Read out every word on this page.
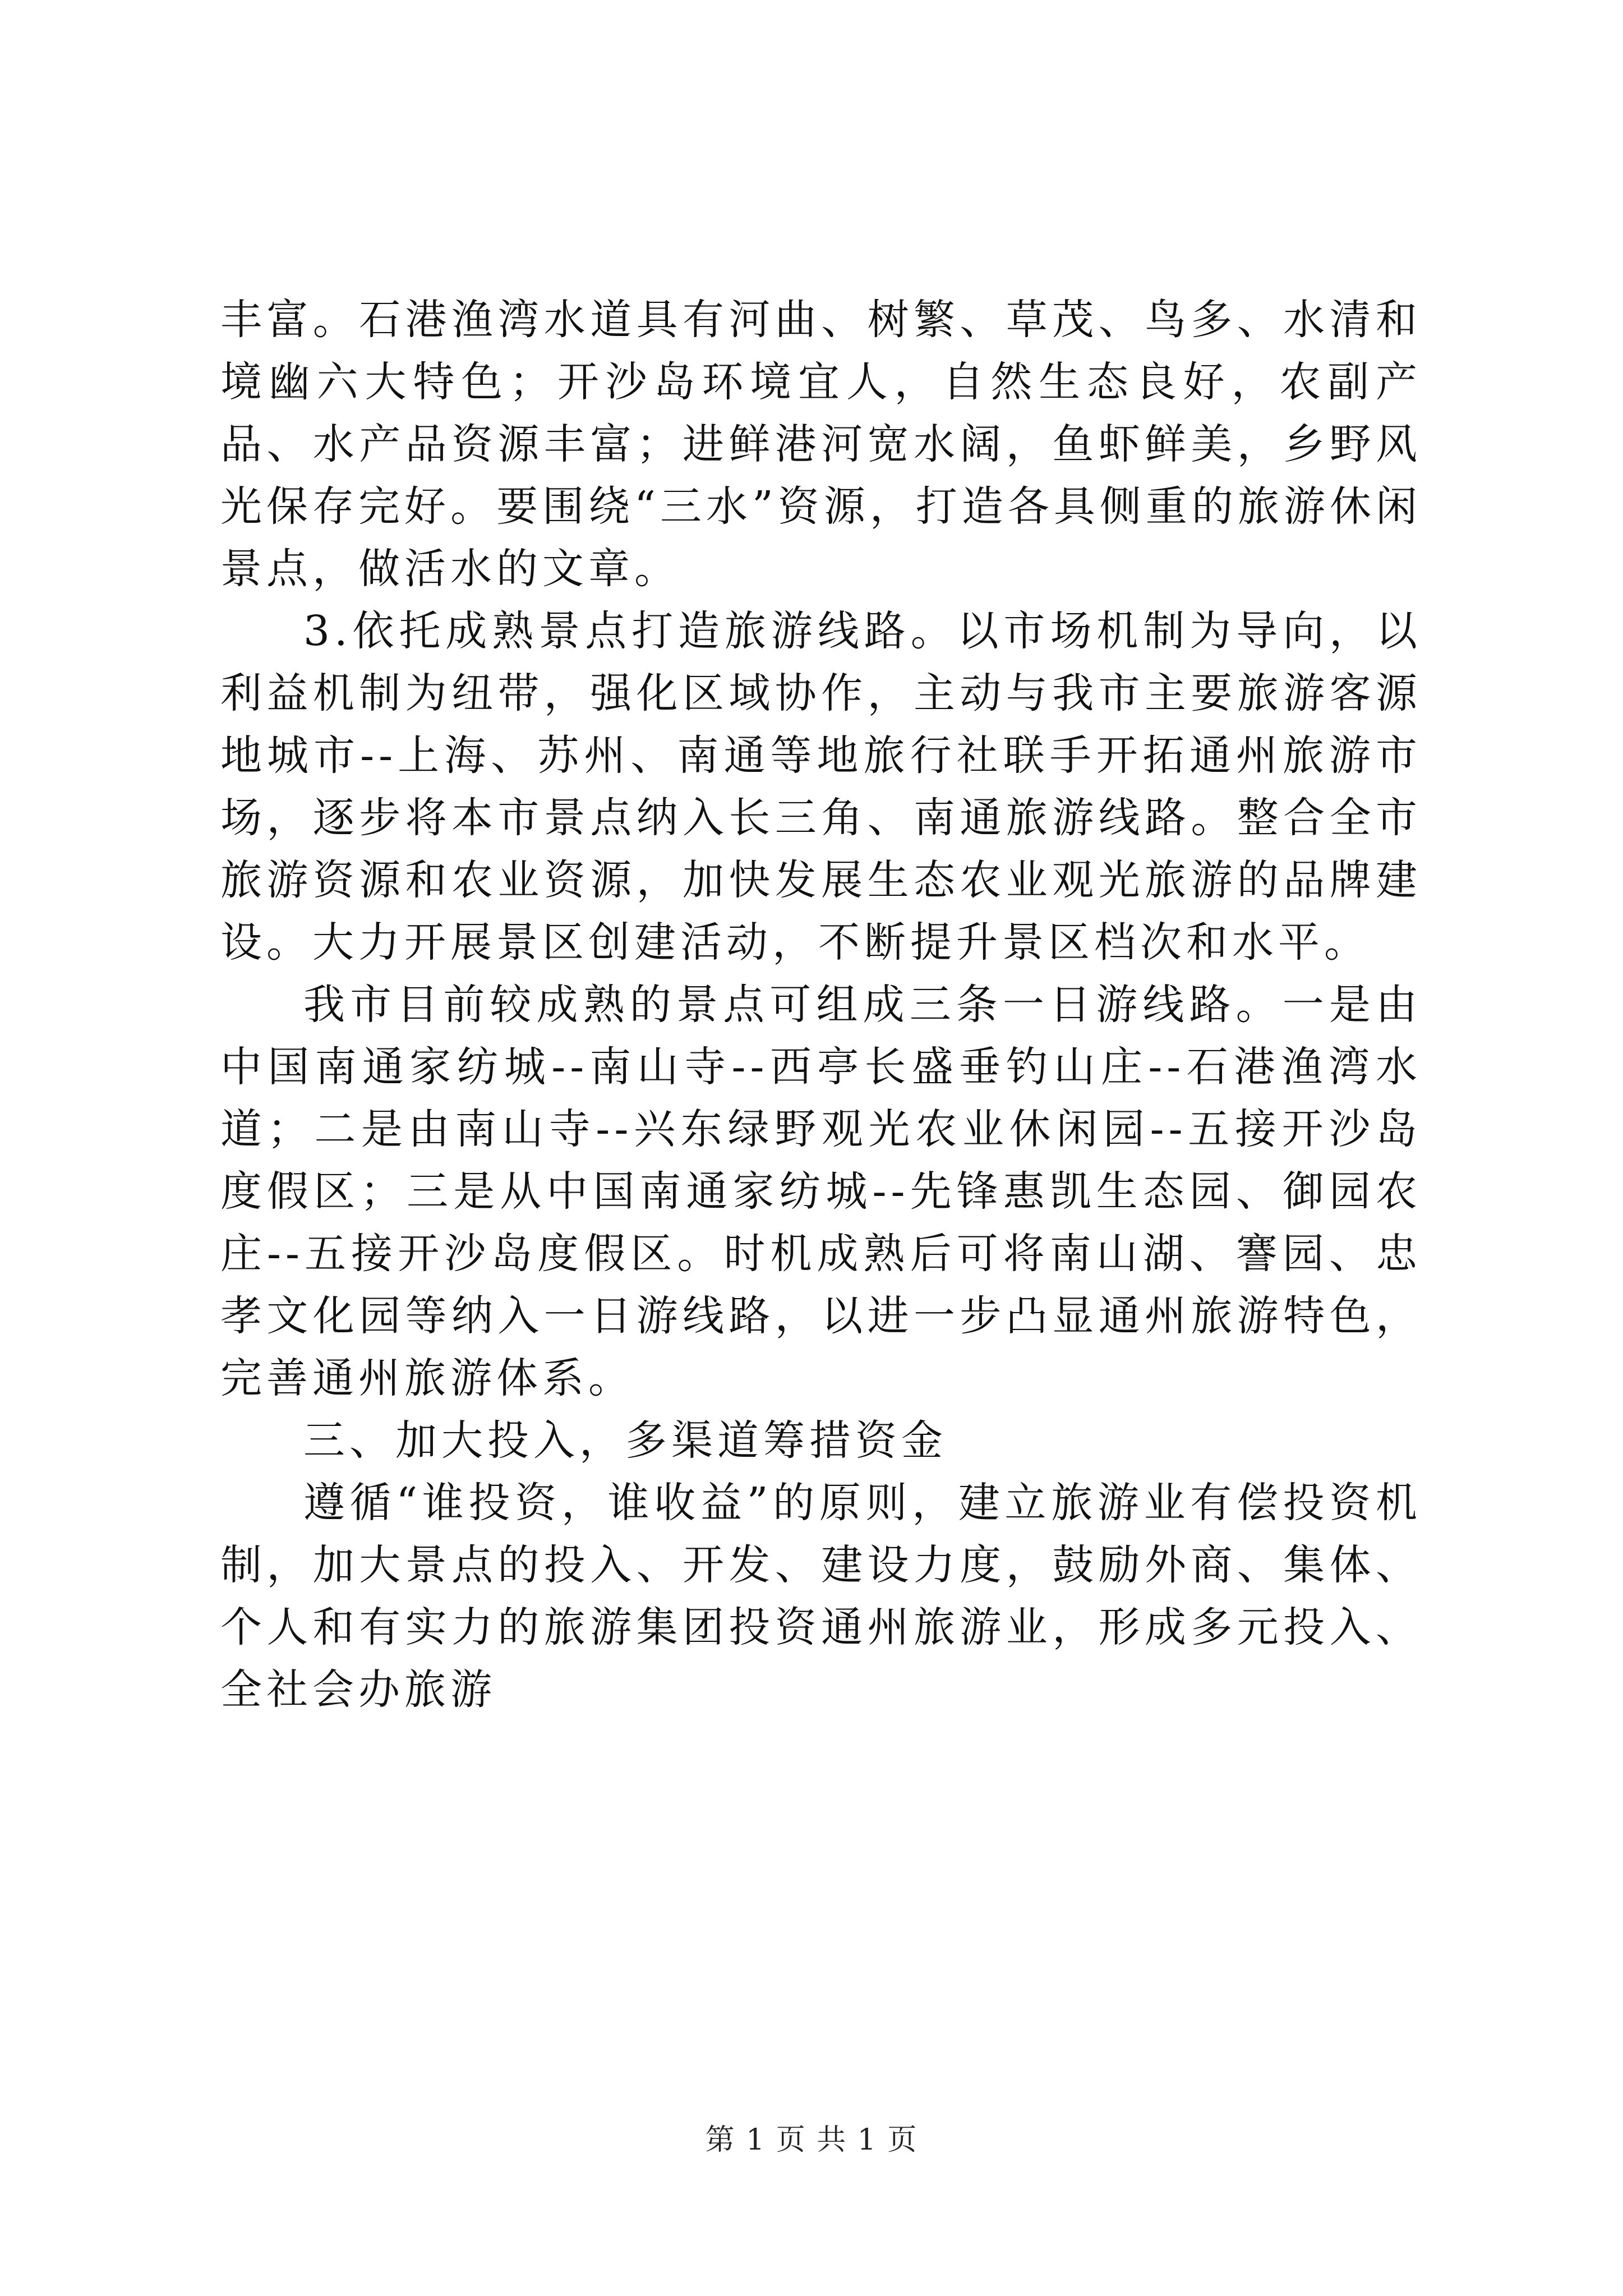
丰富。石港渔湾水道具有河曲、树繁、草茂、鸟多、水清和境幽六大特色；开沙岛环境宜人，自然生态良好，农副产品、水产品资源丰富；进鲜港河宽水阔，鱼虾鲜美，乡野风光保存完好。要围绕“三水”资源，打造各具侧重的旅游休闲景点，做活水的文章。

3.依托成熟景点打造旅游线路。以市场机制为导向，以利益机制为纽带，强化区域协作，主动与我市主要旅游客源地城市--上海、苏州、南通等地旅行社联手开拓通州旅游市场，逐步将本市景点纳入长三角、南通旅游线路。整合全市旅游资源和农业资源，加快发展生态农业观光旅游的品牌建设。大力开展景区创建活动，不断提升景区档次和水平。

我市目前较成熟的景点可组成三条一日游线路。一是由中国南通家纺城--南山寺--西亭长盛垂钓山庄--石港渔湾水道；二是由南山寺--兴东绿野观光农业休闲园--五接开沙岛度假区；三是从中国南通家纺城--先锋惠凯生态园、御园农庄--五接开沙岛度假区。时机成熟后可将南山湖、謇园、忠孝文化园等纳入一日游线路，以进一步凸显通州旅游特色，完善通州旅游体系。

三、加大投入，多渠道筹措资金

遵循“谁投资，谁收益”的原则，建立旅游业有偿投资机制，加大景点的投入、开发、建设力度，鼓励外商、集体、个人和有实力的旅游集团投资通州旅游业，形成多元投入、全社会办旅游

第 1 页 共 1 页
